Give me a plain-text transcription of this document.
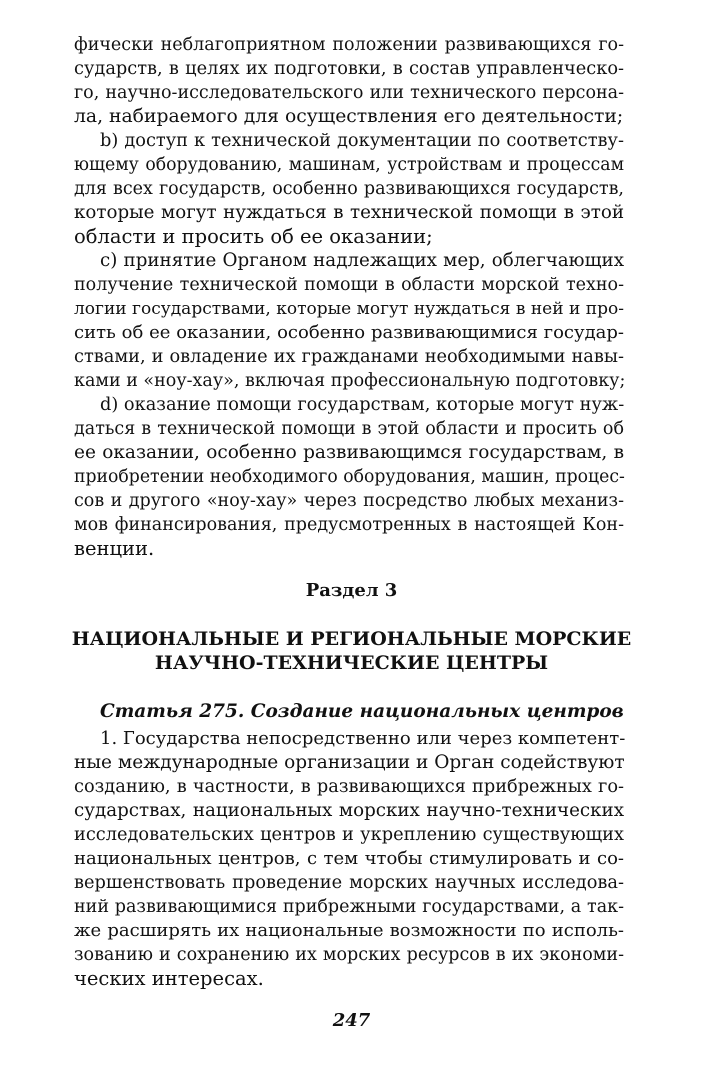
фически неблагоприятном положении развивающихся го-
сударств, в целях их подготовки, в состав управленческо-
го, научно-исследовательского или технического персона-
ла, набираемого для осуществления его деятельности;
b) доступ к технической документации по соответству-
ющему оборудованию, машинам, устройствам и процессам
для всех государств, особенно развивающихся государств,
которые могут нуждаться в технической помощи в этой
области и просить об ее оказании;
c) принятие Органом надлежащих мер, облегчающих
получение технической помощи в области морской техно-
логии государствами, которые могут нуждаться в ней и про-
сить об ее оказании, особенно развивающимися государ-
ствами, и овладение их гражданами необходимыми навы-
ками и «ноу-хау», включая профессиональную подготовку;
d) оказание помощи государствам, которые могут нуж-
даться в технической помощи в этой области и просить об
ее оказании, особенно развивающимся государствам, в
приобретении необходимого оборудования, машин, процес-
сов и другого «ноу-хау» через посредство любых механиз-
мов финансирования, предусмотренных в настоящей Кон-
венции.
Раздел 3
НАЦИОНАЛЬНЫЕ И РЕГИОНАЛЬНЫЕ МОРСКИЕ
НАУЧНО-ТЕХНИЧЕСКИЕ ЦЕНТРЫ
Статья 275. Создание национальных центров
1. Государства непосредственно или через компетент-
ные международные организации и Орган содействуют
созданию, в частности, в развивающихся прибрежных го-
сударствах, национальных морских научно-технических
исследовательских центров и укреплению существующих
национальных центров, с тем чтобы стимулировать и со-
вершенствовать проведение морских научных исследова-
ний развивающимися прибрежными государствами, а так-
же расширять их национальные возможности по исполь-
зованию и сохранению их морских ресурсов в их экономи-
ческих интересах.
247
